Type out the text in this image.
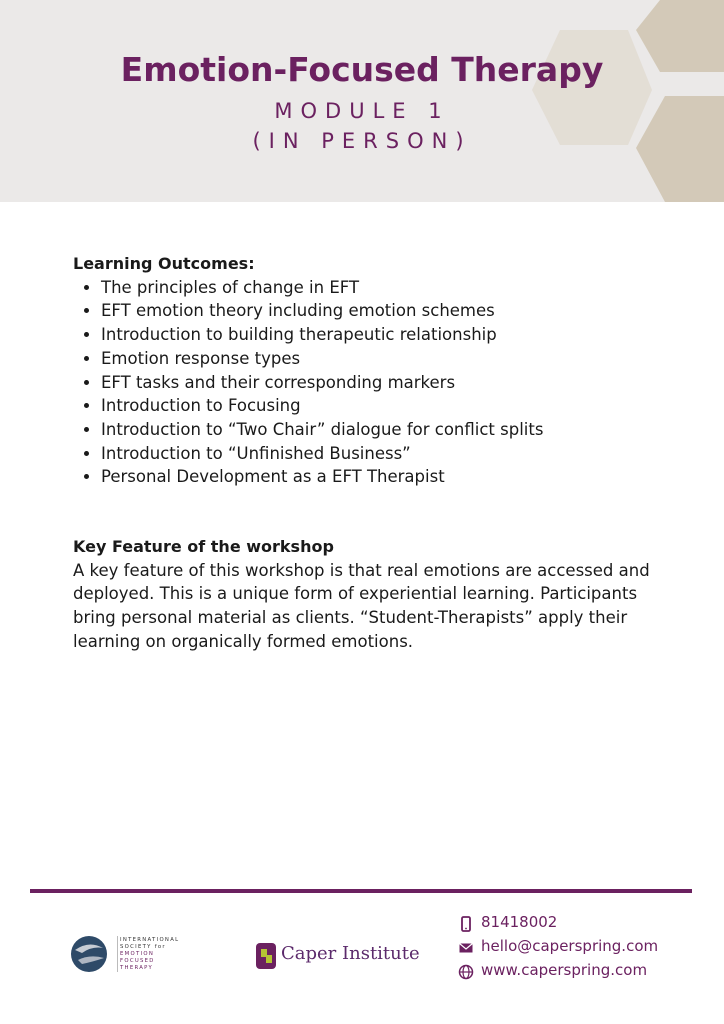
Emotion-Focused Therapy
MODULE 1
(IN PERSON)
Learning Outcomes:
• The principles of change in EFT
• EFT emotion theory including emotion schemes
• Introduction to building therapeutic relationship
• Emotion response types
• EFT tasks and their corresponding markers
• Introduction to Focusing
• Introduction to “Two Chair” dialogue for conflict splits
• Introduction to “Unfinished Business”
• Personal Development as a EFT Therapist
Key Feature of the workshop
A key feature of this workshop is that real emotions are accessed and deployed. This is a unique form of experiential learning. Participants bring personal material as clients. “Student-Therapists” apply their learning on organically formed emotions.
INTERNATIONAL
SOCIETY for
EMOTION
FOCUSED
THERAPY
Caper Institute
81418002
hello@caperspring.com
www.caperspring.com
